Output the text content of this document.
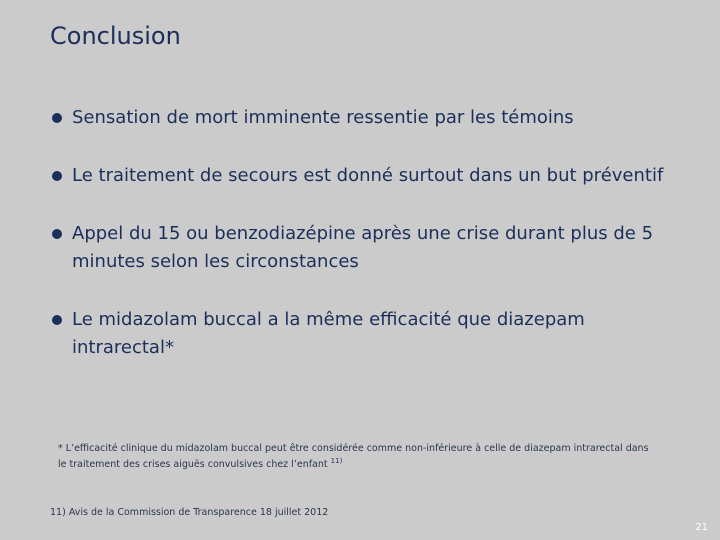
Conclusion
Sensation de mort imminente ressentie par les témoins
Le traitement de secours est donné surtout dans un but préventif
Appel du 15 ou benzodiazépine après une crise durant plus de 5 minutes selon les circonstances
Le midazolam buccal a la même efficacité que diazepam intrarectal*
* L’efficacité clinique du midazolam buccal peut être considérée comme non-inférieure à celle de diazepam intrarectal dans le traitement des crises aiguës convulsives chez l’enfant $^{11)}$
11) Avis de la Commission de Transparence 18 juillet 2012
21
